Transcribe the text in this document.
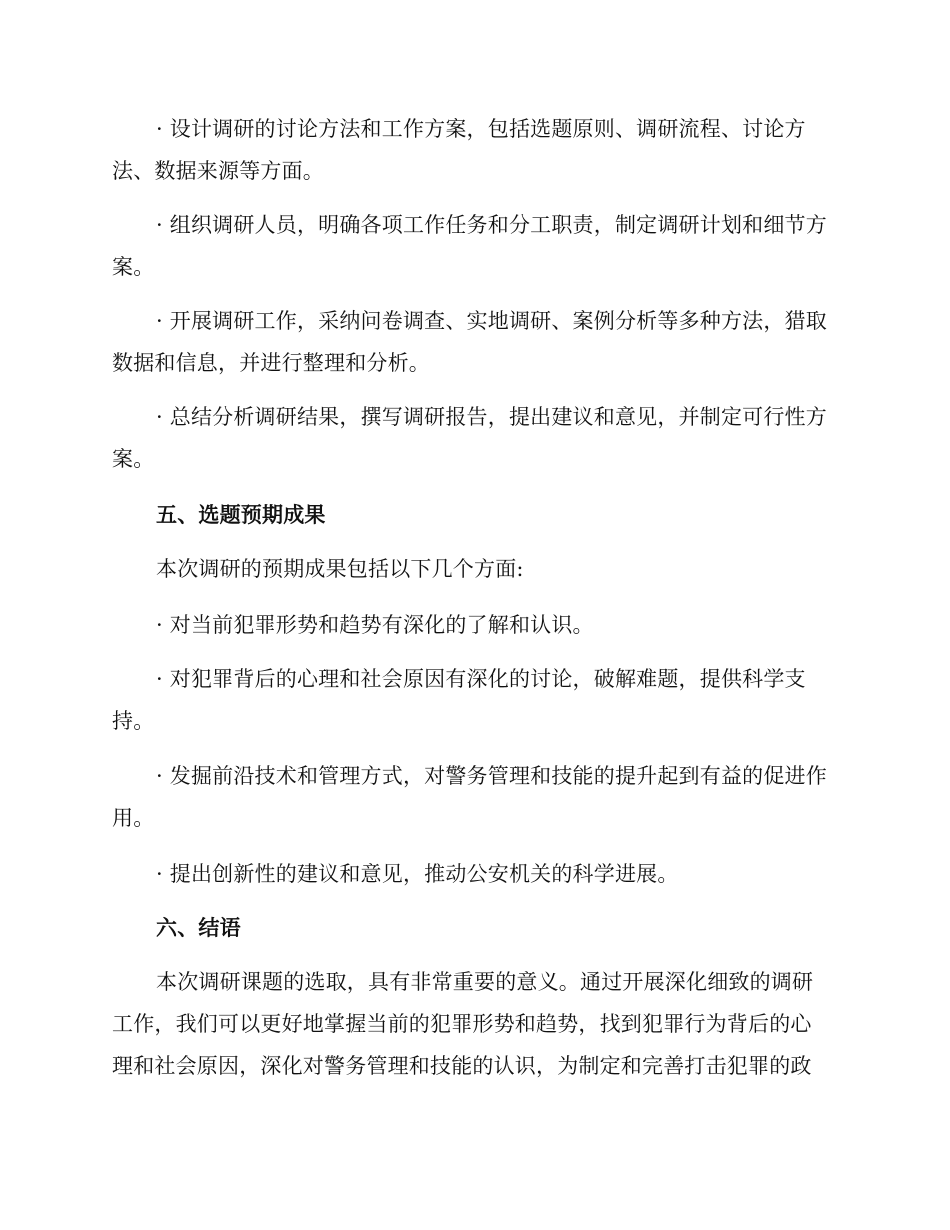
· 设计调研的讨论方法和工作方案，包括选题原则、调研流程、讨论方法、数据来源等方面。

· 组织调研人员，明确各项工作任务和分工职责，制定调研计划和细节方案。

· 开展调研工作，采纳问卷调查、实地调研、案例分析等多种方法，猎取数据和信息，并进行整理和分析。

· 总结分析调研结果，撰写调研报告，提出建议和意见，并制定可行性方案。

五、选题预期成果

本次调研的预期成果包括以下几个方面:

· 对当前犯罪形势和趋势有深化的了解和认识。

· 对犯罪背后的心理和社会原因有深化的讨论，破解难题，提供科学支持。

· 发掘前沿技术和管理方式，对警务管理和技能的提升起到有益的促进作用。

· 提出创新性的建议和意见，推动公安机关的科学进展。

六、结语

本次调研课题的选取，具有非常重要的意义。通过开展深化细致的调研工作，我们可以更好地掌握当前的犯罪形势和趋势，找到犯罪行为背后的心理和社会原因，深化对警务管理和技能的认识，为制定和完善打击犯罪的政
